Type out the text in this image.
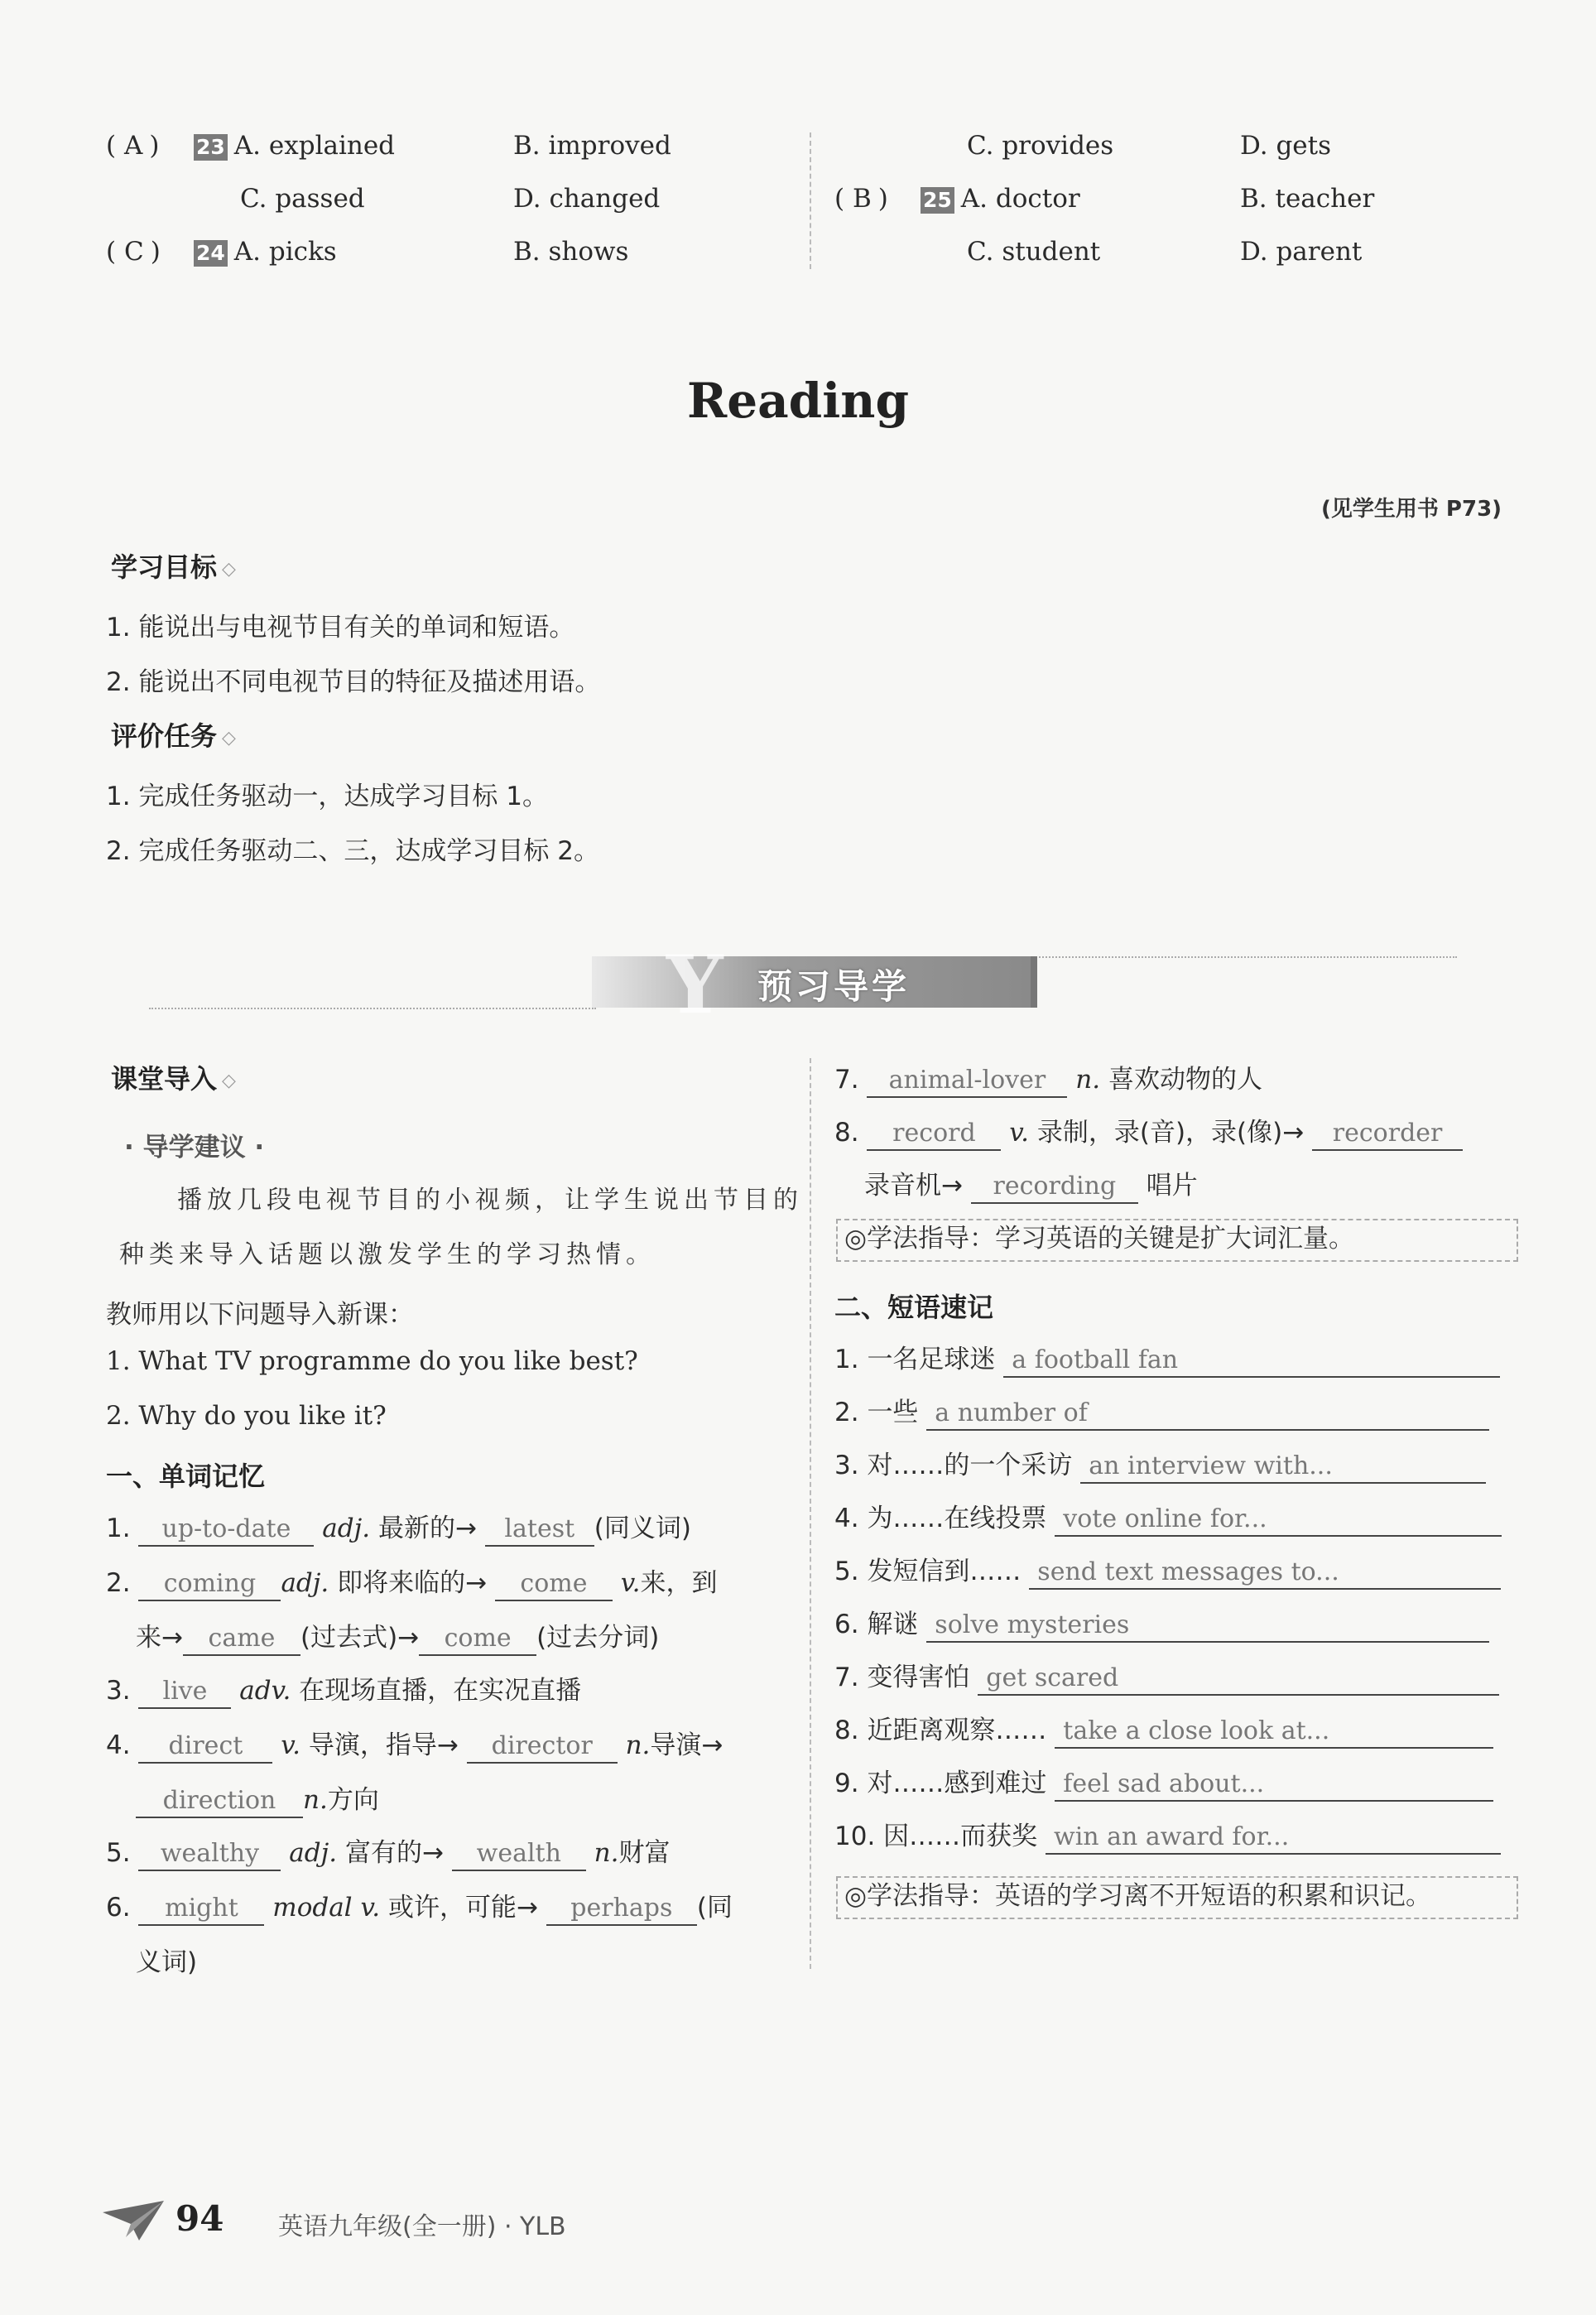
( A) 23 A. explained	B. improved
C. passed	D. changed
( C) 24 A. picks	B. shows
C. provides	D. gets
( B) 25 A. doctor	B. teacher
C. student	D. parent
Reading
(见学生用书 P73)
学习目标 ◇
1. 能说出与电视节目有关的单词和短语。
2. 能说出不同电视节目的特征及描述用语。
评价任务 ◇
1. 完成任务驱动一，达成学习目标 1。
2. 完成任务驱动二、三，达成学习目标 2。
Y 预习导学
课堂导入 ◇
· 导学建议 ·
播放几段电视节目的小视频，让学生说出节目的
种类来导入话题以激发学生的学习热情。
教师用以下问题导入新课：
1. What TV programme do you like best?
2. Why do you like it?
一、单词记忆
1. up-to-date adj. 最新的→ latest (同义词)
2. coming adj. 即将来临的→ come v.来，到
来→ came (过去式)→ come (过去分词)
3. live adv. 在现场直播，在实况直播
4. direct v. 导演，指导→ director n.导演→
direction n.方向
5. wealthy adj. 富有的→ wealth n.财富
6. might modal v. 或许，可能→ perhaps (同
义词)
7. animal-lover n. 喜欢动物的人
8. record v. 录制，录(音)，录(像)→ recorder
录音机→ recording 唱片
◎学法指导：学习英语的关键是扩大词汇量。
二、短语速记
1. 一名足球迷 a football fan
2. 一些 a number of
3. 对……的一个采访 an interview with...
4. 为……在线投票 vote online for...
5. 发短信到…… send text messages to...
6. 解谜 solve mysteries
7. 变得害怕 get scared
8. 近距离观察…… take a close look at...
9. 对……感到难过 feel sad about...
10. 因……而获奖 win an award for...
◎学法指导：英语的学习离不开短语的积累和识记。
94 英语九年级(全一册) · YLB
